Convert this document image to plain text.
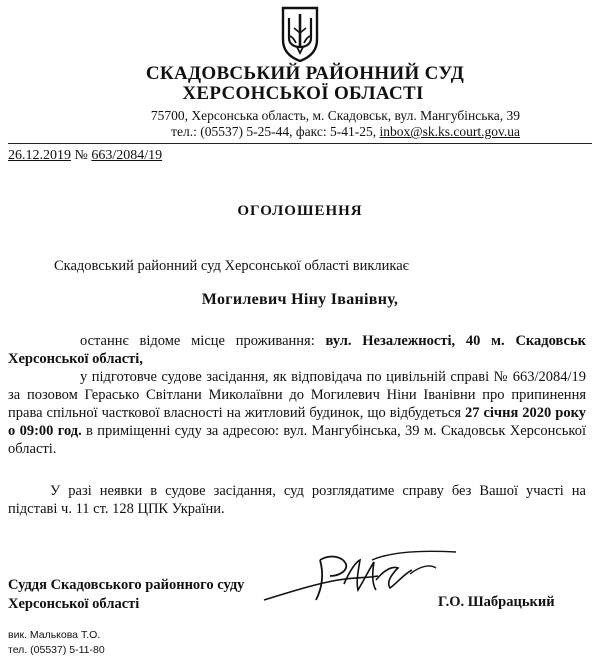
СКАДОВСЬКИЙ РАЙОННИЙ СУД
ХЕРСОНСЬКОЇ ОБЛАСТІ
75700, Херсонська область, м. Скадовськ, вул. Мангубінська, 39
тел.: (05537) 5-25-44, факс: 5-41-25, inbox@sk.ks.court.gov.ua
26.12.2019 № 663/2084/19
ОГОЛОШЕННЯ
Скадовський районний суд Херсонської області викликає
Могилевич Ніну Іванівну,

останнє відоме місце проживання: вул. Незалежності, 40 м. Скадовськ Херсонської області,

у підготовче судове засідання, як відповідача по цивільній справі № 663/2084/19 за позовом Гераськo Світлани Миколаївни до Могилевич Ніни Іванівни про припинення права спільної часткової власності на житловий будинок, що відбудеться 27 січня 2020 року о 09:00 год. в приміщенні суду за адресою: вул. Мангубінська, 39 м. Скадовськ Херсонської області.

У разі неявки в судове засідання, суд розглядатиме справу без Вашої участі на підставі ч. 11 ст. 128 ЦПК України.

Суддя Скадовського районного суду
Херсонської області	Г.О. Шабрацький
вик. Малькова Т.О.
тел. (05537) 5-11-80
